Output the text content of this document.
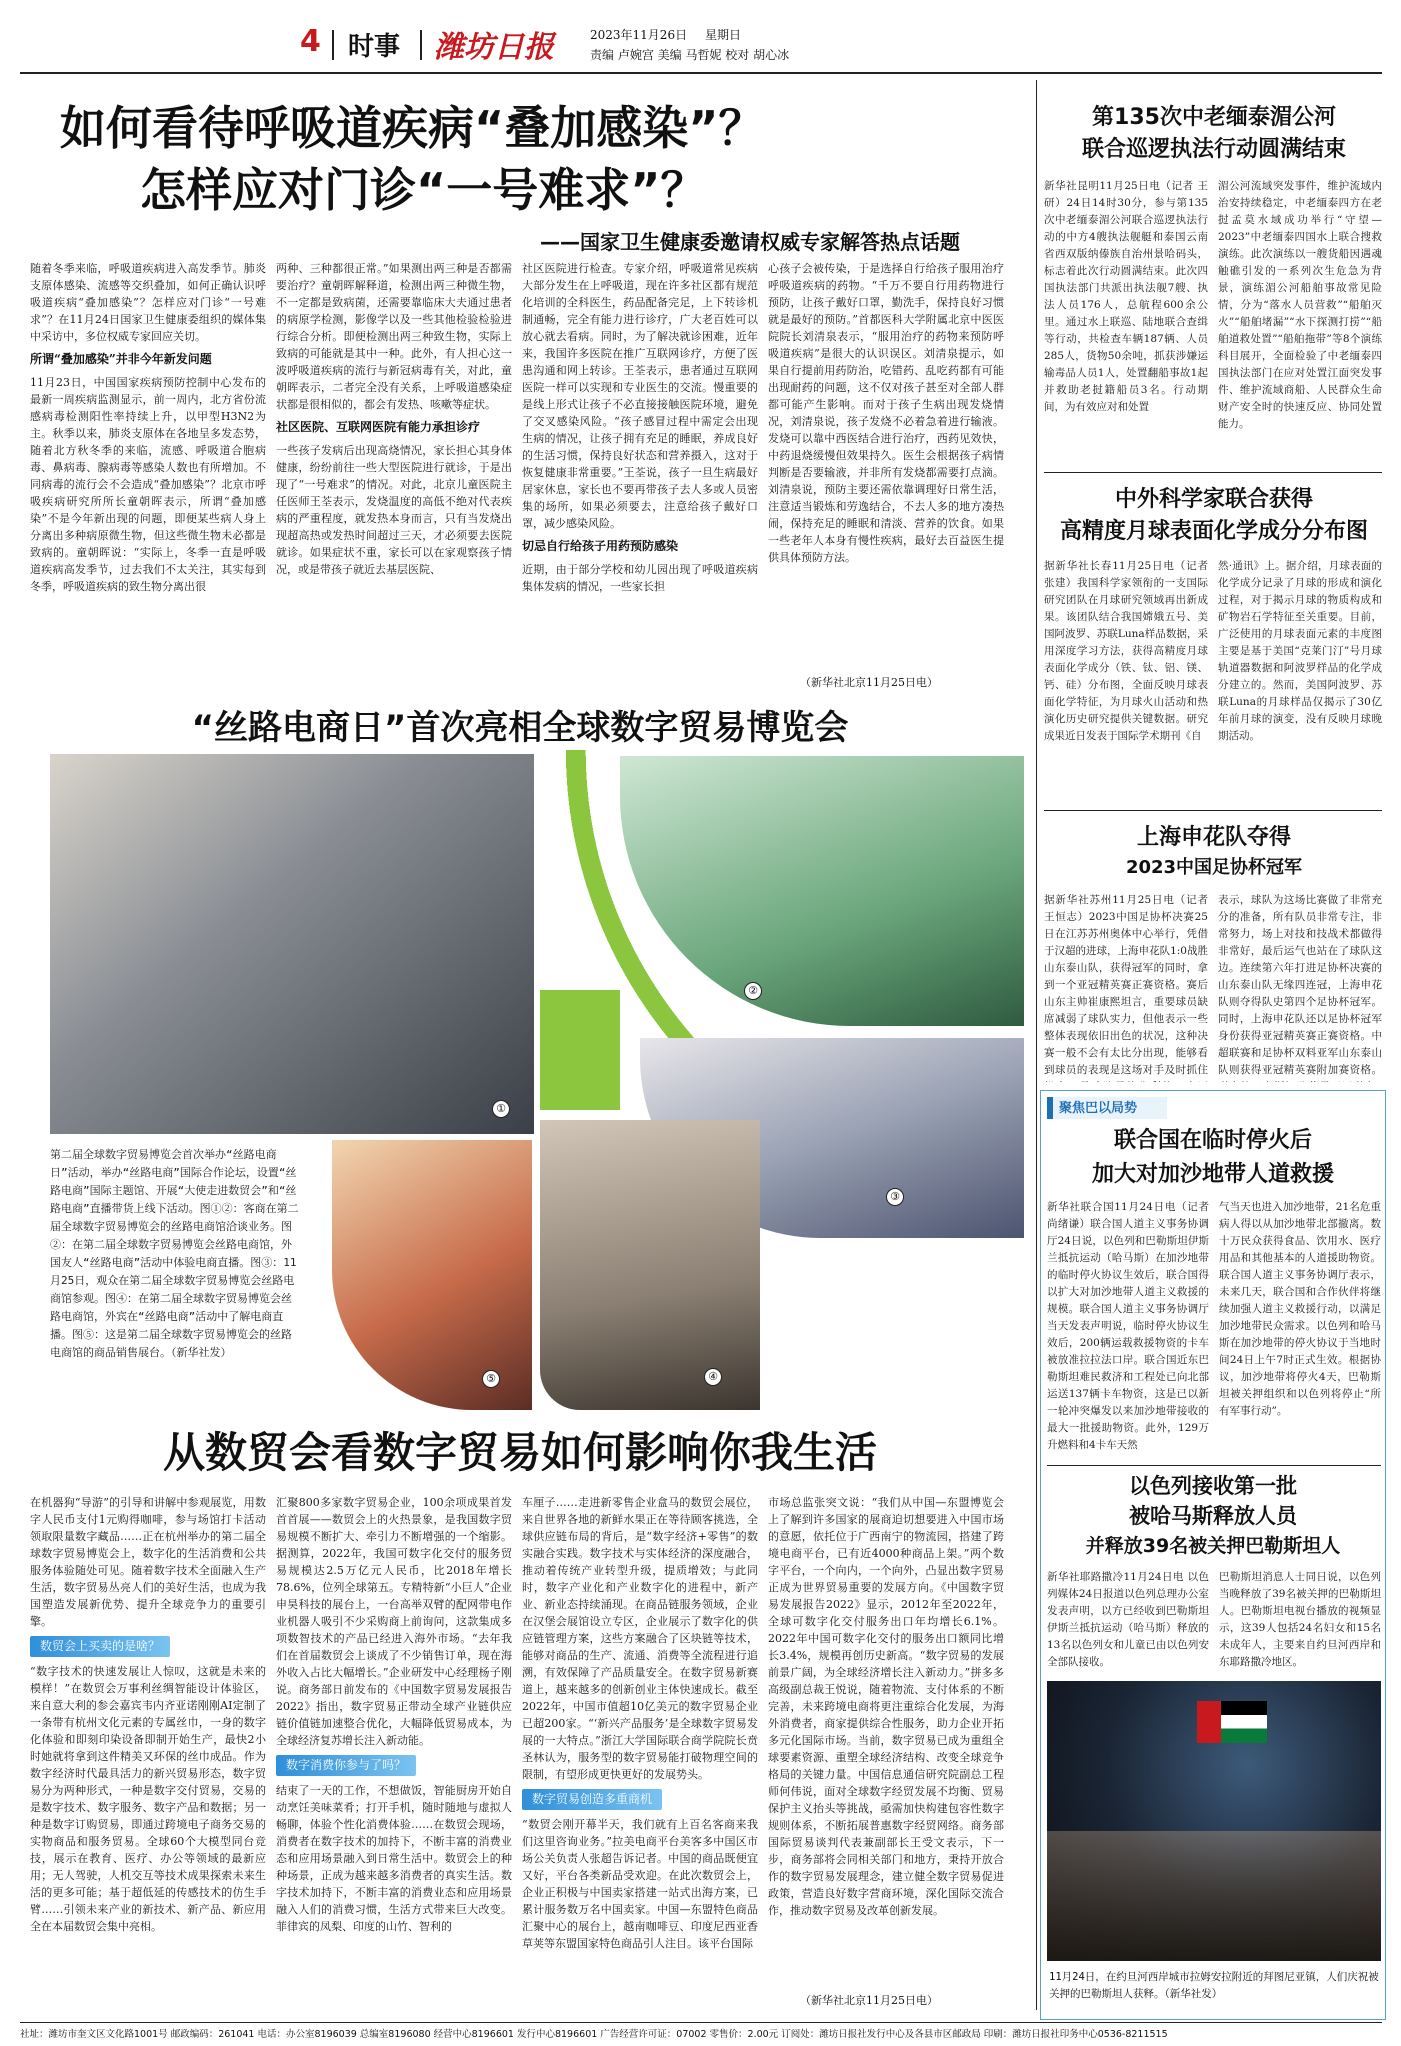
4 时事 潍坊日报	2023年11月26日 星期日
责编 卢婉宫 美编 马哲妮 校对 胡心冰
如何看待呼吸道疾病“叠加感染”？
怎样应对门诊“一号难求”？
——国家卫生健康委邀请权威专家解答热点话题

随着冬季来临，呼吸道疾病进入高发季节。肺炎支原体感染、流感等交织叠加，如何正确认识呼吸道疾病“叠加感染”？怎样应对门诊“一号难求”？在11月24日国家卫生健康委组织的媒体集中采访中，多位权威专家回应关切。

所谓“叠加感染”并非今年新发问题

11月23日，中国国家疾病预防控制中心发布的最新一周疾病监测显示，前一周内，北方省份流感病毒检测阳性率持续上升，以甲型H3N2为主。秋季以来，肺炎支原体在各地呈多发态势，随着北方秋冬季的来临，流感、呼吸道合胞病毒、鼻病毒、腺病毒等感染人数也有所增加。不同病毒的流行会不会造成“叠加感染”？北京市呼吸疾病研究所所长童朝晖表示，所谓“叠加感染”不是今年新出现的问题，即便某些病人身上分离出多种病原微生物，但这些微生物未必都是致病的。童朝晖说：“实际上，冬季一直是呼吸道疾病高发季节，过去我们不太关注，其实每到冬季，呼吸道疾病的致生物分离出很

两种、三种都很正常。”如果测出两三种是否都需要治疗？童朝晖解释道，检测出两三种微生物，不一定都是致病菌，还需要靠临床大夫通过患者的病原学检测，影像学以及一些其他检验检验进行综合分析。即便检测出两三种致生物，实际上致病的可能就是其中一种。此外，有人担心这一波呼吸道疾病的流行与新冠病毒有关，对此，童朝晖表示，二者完全没有关系，上呼吸道感染症状都是很相似的，都会有发热、咳嗽等症状。

社区医院、互联网医院有能力承担诊疗

一些孩子发病后出现高烧情况，家长担心其身体健康，纷纷前往一些大型医院进行就诊，于是出现了“一号难求”的情况。对此，北京儿童医院主任医师王荃表示，发烧温度的高低不绝对代表疾病的严重程度，就发热本身而言，只有当发烧出现超高热或发热时间超过三天，才必须要去医院就诊。如果症状不重，家长可以在家观察孩子情况，或是带孩子就近去基层医院、

社区医院进行检查。专家介绍，呼吸道常见疾病大部分发生在上呼吸道，现在许多社区都有规范化培训的全科医生，药品配备完足，上下转诊机制通畅，完全有能力进行诊疗，广大老百姓可以放心就去看病。同时，为了解决就诊困难，近年来，我国许多医院在推广互联网诊疗，方便了医患沟通和网上转诊。王荃表示，患者通过互联网医院一样可以实现和专业医生的交流。慢重要的是线上形式让孩子不必直接接触医院环境，避免了交叉感染风险。“孩子感冒过程中需定会出现生病的情况，让孩子拥有充足的睡眠，养成良好的生活习惯，保持良好状态和营养摄入，这对于恢复健康非常重要。”王荃说，孩子一旦生病最好居家休息，家长也不要再带孩子去人多或人员密集的场所，如果必须要去，注意给孩子戴好口罩，减少感染风险。

切忌自行给孩子用药预防感染

近期，由于部分学校和幼儿园出现了呼吸道疾病集体发病的情况，一些家长担

心孩子会被传染，于是选择自行给孩子服用治疗呼吸道疾病的药物。“千万不要自行用药物进行预防，让孩子戴好口罩，勤洗手，保持良好习惯就是最好的预防。”首都医科大学附属北京中医医院院长刘清泉表示，“服用治疗的药物来预防呼吸道疾病”是很大的认识误区。刘清泉提示，如果自行提前用药防治，吃错药、乱吃药都有可能出现耐药的问题，这不仅对孩子甚至对全部人群都可能产生影响。而对于孩子生病出现发烧情况，刘清泉说，孩子发烧不必着急着进行输液。发烧可以靠中西医结合进行治疗，西药见效快，中药退烧缓慢但效果持久。医生会根据孩子病情判断是否要输液，并非所有发烧都需要打点滴。刘清泉说，预防主要还需依靠调理好日常生活，注意适当锻炼和劳逸结合，不去人多的地方凑热闹，保持充足的睡眠和清淡、营养的饮食。如果一些老年人本身有慢性疾病，最好去百益医生提供具体预防方法。

（新华社北京11月25日电）
“丝路电商日”首次亮相全球数字贸易博览会
①
②
③
④
⑤
第二届全球数字贸易博览会首次举办“丝路电商日”活动，举办“丝路电商”国际合作论坛，设置“丝路电商”国际主题馆、开展“大使走进数贸会”和“丝路电商”直播带货上线下活动。图①②：客商在第二届全球数字贸易博览会的丝路电商馆洽谈业务。图②：在第二届全球数字贸易博览会丝路电商馆，外国友人“丝路电商”活动中体验电商直播。图③：11月25日，观众在第二届全球数字贸易博览会丝路电商馆参观。图④：在第二届全球数字贸易博览会丝路电商馆，外宾在“丝路电商”活动中了解电商直播。图⑤：这是第二届全球数字贸易博览会的丝路电商馆的商品销售展台。（新华社发）
从数贸会看数字贸易如何影响你我生活

在机器狗“导游”的引导和讲解中参观展览，用数字人民币支付1元购得咖啡，参与场馆打卡活动领取限量数字藏品……正在杭州举办的第二届全球数字贸易博览会上，数字化的生活消费和公共服务体验随处可见。随着数字技术全面融入生产生活，数字贸易丛亮人们的美好生活，也成为我国塑造发展新优势、提升全球竞争力的重要引擎。

数贸会上买卖的是啥？

“数字技术的快速发展让人惊叹，这就是未来的模样！”在数贸会万事利丝绸智能设计体验区，来自意大利的参会嘉宾韦内齐亚诺刚刚AI定制了一条带有杭州文化元素的专属丝巾，一身的数字化体验和即刻印染设备即制开始生产，最快2小时她就将拿到这件精美又环保的丝巾成品。作为数字经济时代最具活力的新兴贸易形态，数字贸易分为两种形式，一种是数字交付贸易，交易的是数字技术、数字服务、数字产品和数据；另一种是数字订购贸易，即通过跨境电子商务交易的实物商品和服务贸易。全球60个大模型同台竞技，展示在教育、医疗、办公等领域的最新应用；无人驾驶，人机交互等技术成果探索未来生活的更多可能；基于超低延的传感技术的仿生手臂……引领未来产业的新技术、新产品、新应用全在本届数贸会集中亮相。

汇聚800多家数字贸易企业，100余项成果首发首首展——数贸会上的火热景象，是我国数字贸易规模不断扩大、牵引力不断增强的一个缩影。据测算，2022年，我国可数字化交付的服务贸易规模达2.5万亿元人民币，比2018年增长78.6%，位列全球第五。专精特新“小巨人”企业申昊科技的展台上，一台高举双臂的配网带电作业机器人吸引不少采购商上前询问，这款集成多项数智技术的产品已经进入海外市场。“去年我们在首届数贸会上谈成了不少销售订单，现在海外收入占比大幅增长。”企业研发中心经理杨子刚说。商务部日前发布的《中国数字贸易发展报告2022》指出，数字贸易正带动全球产业链供应链价值链加速整合优化，大幅降低贸易成本，为全球经济复苏增长注入新动能。

数字消费你参与了吗？

结束了一天的工作，不想做饭，智能厨房开始自动烹饪美味菜肴；打开手机，随时随地与虚拟人畅聊，体验个性化消费体验……在数贸会现场，消费者在数字技术的加持下，不断丰富的消费业态和应用场景融入到日常生活中。数贸会上的种种场景，正成为越来越多消费者的真实生活。数字技术加持下，不断丰富的消费业态和应用场景融入人们的消费习惯，生活方式带来巨大改变。菲律宾的凤梨、印度的山竹、智利的

车厘子……走进新零售企业盒马的数贸会展位，来自世界各地的新鲜水果正在等待顾客挑选，全球供应链布局的背后，是“数字经济+零售”的数实融合实践。数字技术与实体经济的深度融合，推动着传统产业转型升级，提质增效；与此同时，数字产业化和产业数字化的进程中，新产业、新业态持续涌现。在商品链服务领域，企业在汉堡会展馆设立专区，企业展示了数字化的供应链管理方案，这些方案融合了区块链等技术，能够对商品的生产、流通、消费等全流程进行追溯，有效保障了产品质量安全。在数字贸易新赛道上，越来越多的创新创业主体快速成长。截至2022年，中国市值超10亿美元的数字贸易企业已超200家。“‘新兴产品服务’是全球数字贸易发展的一大特点。”浙江大学国际联合商学院院长贲圣林认为，服务型的数字贸易能打破物理空间的限制，有望形成更快更好的发展势头。

数字贸易创造多重商机

“数贸会刚开幕半天，我们就有上百名客商来我们这里咨询业务。”拉美电商平台美客多中国区市场公关负责人张超告诉记者。中国的商品既便宜又好，平台各类新品受欢迎。在此次数贸会上，企业正积极与中国卖家搭建一站式出海方案，已累计服务数万名中国卖家。中国—东盟特色商品汇聚中心的展台上，越南咖啡豆、印度尼西亚香草荚等东盟国家特色商品引人注目。该平台国际

市场总监张突文说：“我们从中国—东盟博览会上了解到许多国家的展商迫切想要进入中国市场的意愿，依托位于广西南宁的物流园，搭建了跨境电商平台，已有近4000种商品上架。”两个数字平台，一个向内，一个向外，凸显出数字贸易正成为世界贸易重要的发展方向。《中国数字贸易发展报告2022》显示，2012年至2022年，全球可数字化交付服务出口年均增长6.1%。2022年中国可数字化交付的服务出口额同比增长3.4%，规模再创历史新高。“数字贸易的发展前景广阔，为全球经济增长注入新动力。”拼多多高级副总裁王悦说，随着物流、支付体系的不断完善，未来跨境电商将更注重综合化发展，为海外消费者，商家提供综合性服务，助力企业开拓多元化国际市场。当前，数字贸易已成为重组全球要素资源、重塑全球经济结构、改变全球竞争格局的关键力量。中国信息通信研究院副总工程师何伟说，面对全球数字经贸发展不均衡、贸易保护主义抬头等挑战，亟需加快构建包容性数字规则体系，不断拓展普惠数字经贸网络。商务部国际贸易谈判代表兼副部长王受文表示，下一步，商务部将会同相关部门和地方，秉持开放合作的数字贸易发展理念，建立健全数字贸易促进政策，营造良好数字营商环境，深化国际交流合作，推动数字贸易及改革创新发展。

（新华社北京11月25日电）
第135次中老缅泰湄公河
联合巡逻执法行动圆满结束
新华社昆明11月25日电（记者 王研）24日14时30分，参与第135次中老缅泰湄公河联合巡逻执法行动的中方4艘执法舰艇和泰国云南省西双版纳傣族自治州景哈码头，标志着此次行动圆满结束。此次四国执法部门共派出执法舰7艘、执法人员176人，总航程600余公里。通过水上联巡、陆地联合查缉等行动，共检查车辆187辆、人员285人，货物50余吨，抓获涉嫌运输毒品人员1人，处置翻船事故1起并救助老挝籍船员3名。行动期间，为有效应对和处置
湄公河流域突发事件，维护流域内治安持续稳定，中老缅泰四方在老挝孟莫水域成功举行“守望—2023”中老缅泰四国水上联合搜救演练。此次演练以一艘货船因遇魂触礁引发的一系列次生危急为背景，演练湄公河船舶事故常见险情，分为“落水人员营救”“船舶灭火”“船舶堵漏”“水下探测打捞”“船舶道救处置”“船舶拖带”等8个演练科目展开，全面检验了中老缅泰四国执法部门在应对处置江面突发事件、维护流域商船、人民群众生命财产安全时的快速反应、协同处置能力。
中外科学家联合获得
高精度月球表面化学成分分布图
据新华社长春11月25日电（记者 张建）我国科学家领衔的一支国际研究团队在月球研究领域再出新成果。该团队结合我国嫦娥五号、美国阿波罗、苏联Luna样品数据，采用深度学习方法，获得高精度月球表面化学成分（铁、钛、铝、镁、钙、硅）分布图，全面反映月球表面化学特征，为月球火山活动和热演化历史研究提供关键数据。研究成果近日发表于国际学术期刊《自
然·通讯》上。据介绍，月球表面的化学成分记录了月球的形成和演化过程，对于揭示月球的物质构成和矿物岩石学特征至关重要。目前，广泛使用的月球表面元素的丰度图主要是基于美国“克莱门汀”号月球轨道器数据和阿波罗样品的化学成分建立的。然而，美国阿波罗、苏联Luna的月球样品仅揭示了30亿年前月球的演变，没有反映月球晚期活动。
上海申花队夺得
2023中国足协杯冠军
据新华社苏州11月25日电（记者 王恒志）2023中国足协杯决赛25日在江苏苏州奥体中心举行，凭借于汉超的进球，上海申花队1:0战胜山东泰山队，获得冠军的同时，拿到一个亚冠精英赛正赛资格。赛后山东主帅崔康熙坦言，重要球员缺席减弱了球队实力，但他表示一些整体表现依旧出色的状况，这种决赛一般不会有太比分出现，能够看到球员的表现是这场对手及时抓住
表示，球队为这场比赛做了非常充分的准备，所有队员非常专注，非常努力，场上对技和技战术都做得非常好，最后运气也站在了球队这边。连续第六年打进足协杯决赛的山东泰山队无缘四连冠，上海申花队则夺得队史第四个足协杯冠军。同时，上海申花队还以足协杯冠军身份获得亚冠精英赛正赛资格。中超联赛和足协杯双料亚军山东泰山队则获得亚冠精英赛附加赛资格。
聚焦巴以局势
联合国在临时停火后
加大对加沙地带人道救援
新华社联合国11月24日电（记者 尚绪谦）联合国人道主义事务协调厅24日说，以色列和巴勒斯坦伊斯兰抵抗运动（哈马斯）在加沙地带的临时停火协议生效后，联合国得以扩大对加沙地带人道主义救援的规模。联合国人道主义事务协调厅当天发表声明说，临时停火协议生效后，200辆运载救援物资的卡车被放准拉拉法口岸。联合国近东巴勒斯坦难民救济和工程处已向北部运送137辆卡车物资，这是已以新一轮冲突爆发以来加沙地带接收的最大一批援助物资。此外，129万升燃料和4卡车天然
气当天也进入加沙地带，21名危重病人得以从加沙地带北部撤离。数十万民众获得食品、饮用水、医疗用品和其他基本的人道援助物资。联合国人道主义事务协调厅表示，未来几天，联合国和合作伙伴将继续加强人道主义救援行动，以满足加沙地带民众需求。以色列和哈马斯在加沙地带的停火协议于当地时间24日上午7时正式生效。根据协议，加沙地带将停火4天，巴勒斯坦被关押组织和以色列将停止“所有军事行动”。
以色列接收第一批
被哈马斯释放人员
并释放39名被关押巴勒斯坦人
新华社耶路撒冷11月24日电 以色列媒体24日报道以色列总理办公室发表声明，以方已经收到巴勒斯坦伊斯兰抵抗运动（哈马斯）释放的13名以色列女和儿童已由以色列安全部队接收。
巴勒斯坦消息人士同日说，以色列当晚释放了39名被关押的巴勒斯坦人。巴勒斯坦电视台播放的视频显示，这39人包括24名妇女和15名未成年人，主要来自约旦河西岸和东耶路撒冷地区。
11月24日，在约旦河西岸城市拉姆安拉附近的拜图尼亚镇，人们庆祝被关押的巴勒斯坦人获释。（新华社发）
社址：潍坊市奎文区文化路1001号 邮政编码：261041 电话：办公室8196039 总编室8196080 经营中心8196601 发行中心8196601 广告经营许可证：07002 零售价：2.00元 订阅处：潍坊日报社发行中心及各县市区邮政局 印刷：潍坊日报社印务中心0536-8211515
